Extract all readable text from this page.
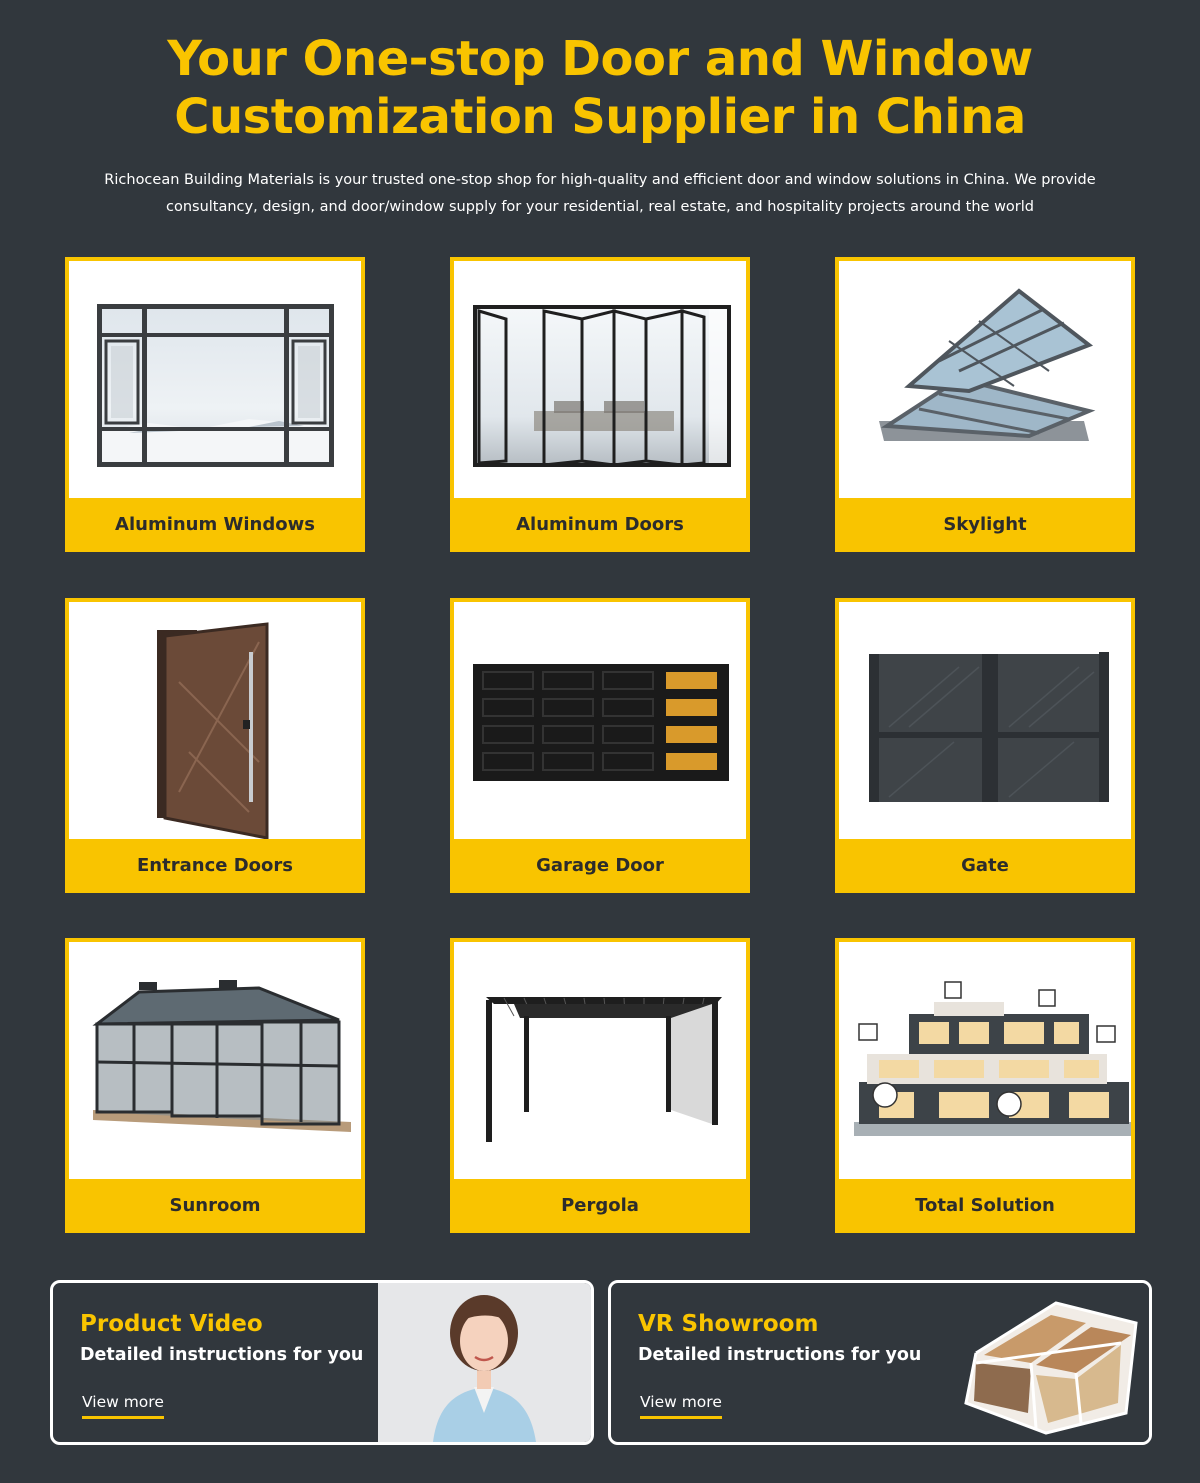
Your One-stop Door and Window
Customization Supplier in China
Richocean Building Materials is your trusted one-stop shop for high-quality and efficient door and window solutions in China. We provide
consultancy, design, and door/window supply for your residential, real estate, and hospitality projects around the world
Aluminum Windows	Aluminum Doors	Skylight
Entrance Doors	Garage Door	Gate
Sunroom	Pergola	Total Solution
Product Video
Detailed instructions for you
View more
VR Showroom
Detailed instructions for you
View more
